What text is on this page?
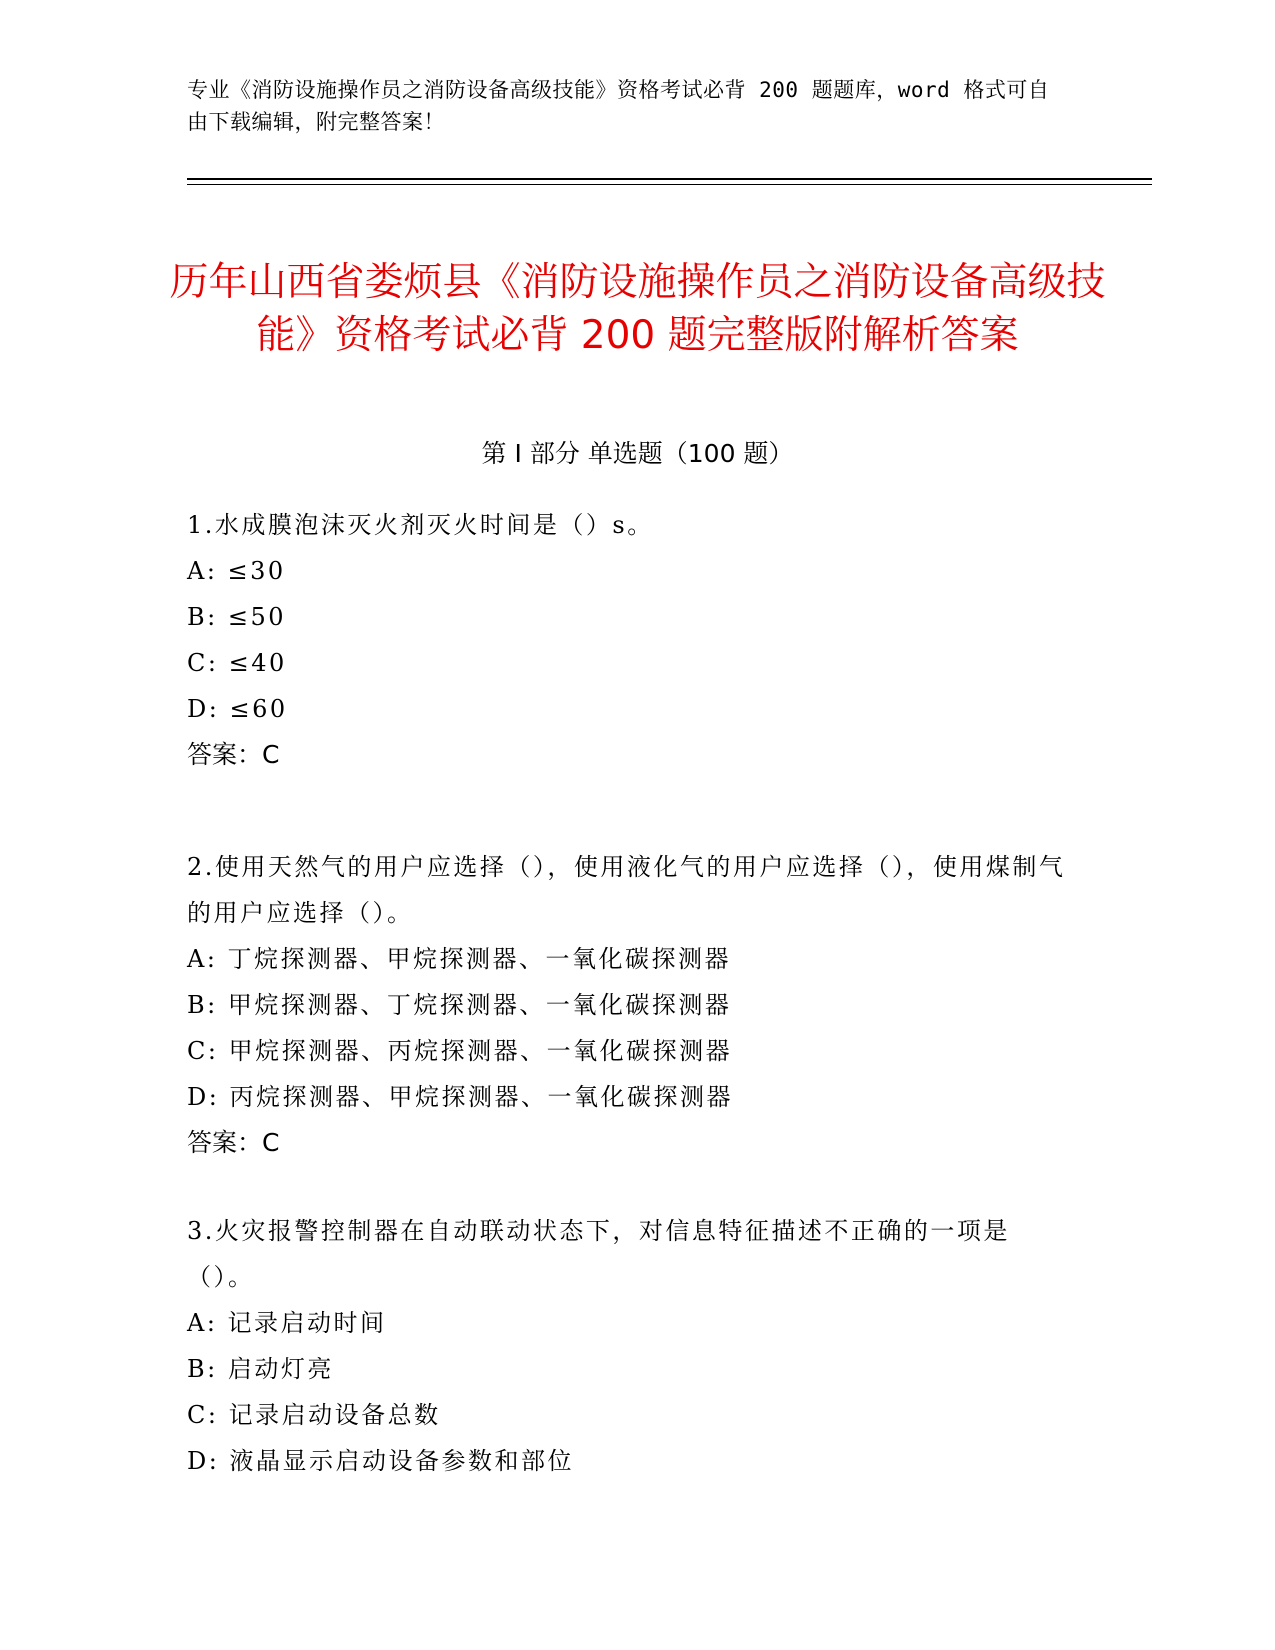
专业《消防设施操作员之消防设备高级技能》资格考试必背 200 题题库，word 格式可自由下载编辑，附完整答案！
历年山西省娄烦县《消防设施操作员之消防设备高级技能》资格考试必背 200 题完整版附解析答案
第 I 部分 单选题（100 题）

1.水成膜泡沫灭火剂灭火时间是（）s。

A: ≤30

B: ≤50

C: ≤40

D: ≤60

答案：C

2.使用天然气的用户应选择（），使用液化气的用户应选择（），使用煤制气的用户应选择（）。

A: 丁烷探测器、甲烷探测器、一氧化碳探测器

B: 甲烷探测器、丁烷探测器、一氧化碳探测器

C: 甲烷探测器、丙烷探测器、一氧化碳探测器

D: 丙烷探测器、甲烷探测器、一氧化碳探测器

答案：C

3.火灾报警控制器在自动联动状态下，对信息特征描述不正确的一项是（）。

A: 记录启动时间

B: 启动灯亮

C: 记录启动设备总数

D: 液晶显示启动设备参数和部位
